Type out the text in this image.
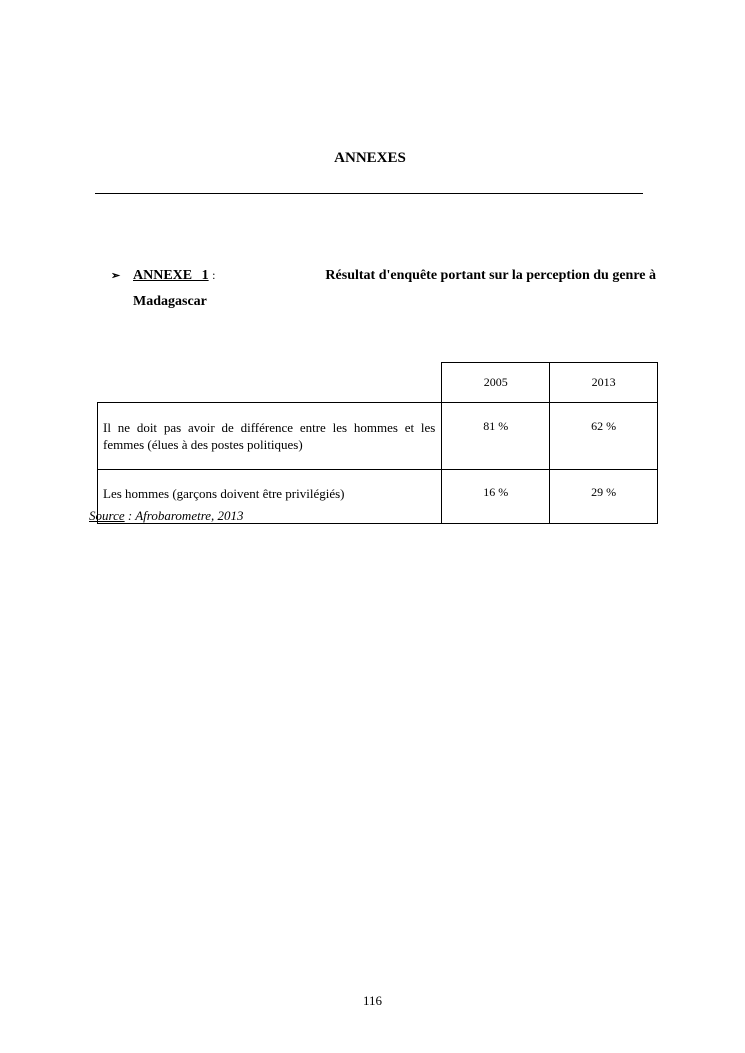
ANNEXES
➢ ANNEXE 1 :	Résultat d'enquête portant sur la perception du genre à
Madagascar
	2005	2013
Il ne doit pas avoir de différence entre les hommes et les femmes (élues à des postes politiques)	81 %	62 %
Les hommes (garçons doivent être privilégiés)	16 %	29 %
Source : Afrobarometre, 2013
116
